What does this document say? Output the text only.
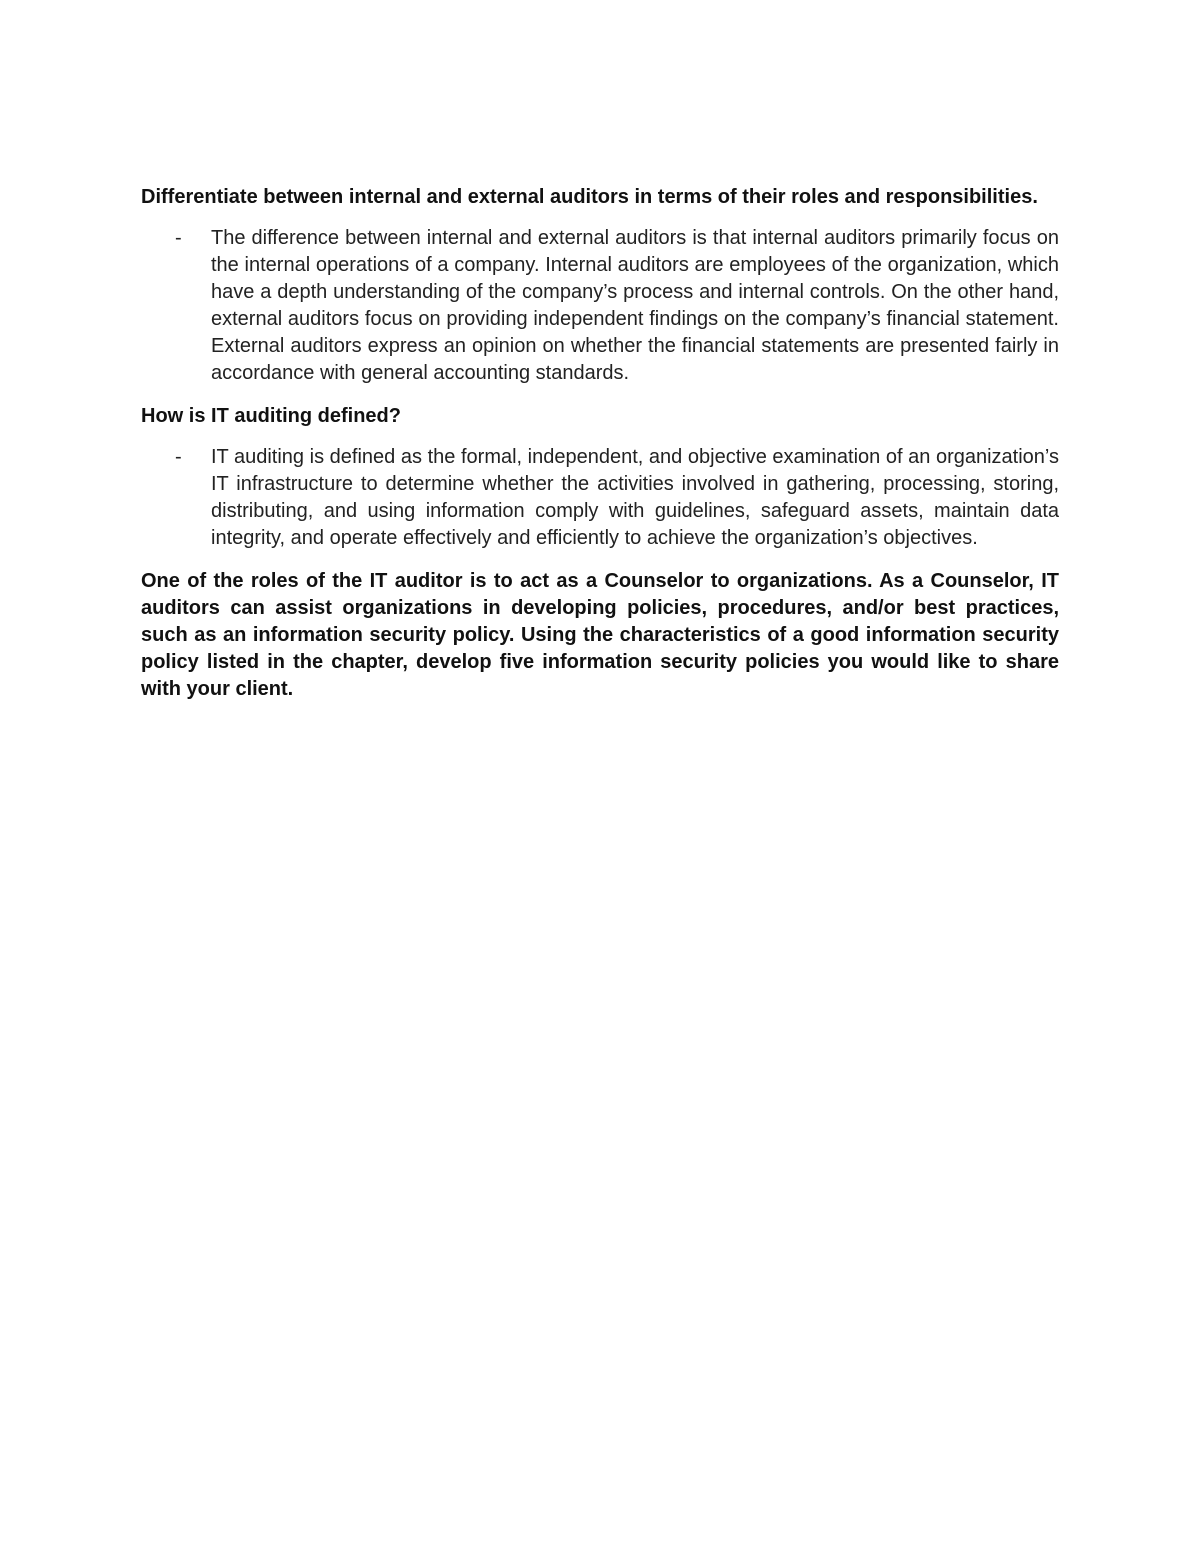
Differentiate between internal and external auditors in terms of their roles and responsibilities.

- The difference between internal and external auditors is that internal auditors primarily focus on the internal operations of a company. Internal auditors are employees of the organization, which have a depth understanding of the company’s process and internal controls. On the other hand, external auditors focus on providing independent findings on the company’s financial statement. External auditors express an opinion on whether the financial statements are presented fairly in accordance with general accounting standards.

How is IT auditing defined?

- IT auditing is defined as the formal, independent, and objective examination of an organization’s IT infrastructure to determine whether the activities involved in gathering, processing, storing, distributing, and using information comply with guidelines, safeguard assets, maintain data integrity, and operate effectively and efficiently to achieve the organization’s objectives.

One of the roles of the IT auditor is to act as a Counselor to organizations. As a Counselor, IT auditors can assist organizations in developing policies, procedures, and/or best practices, such as an information security policy. Using the characteristics of a good information security policy listed in the chapter, develop five information security policies you would like to share with your client.
